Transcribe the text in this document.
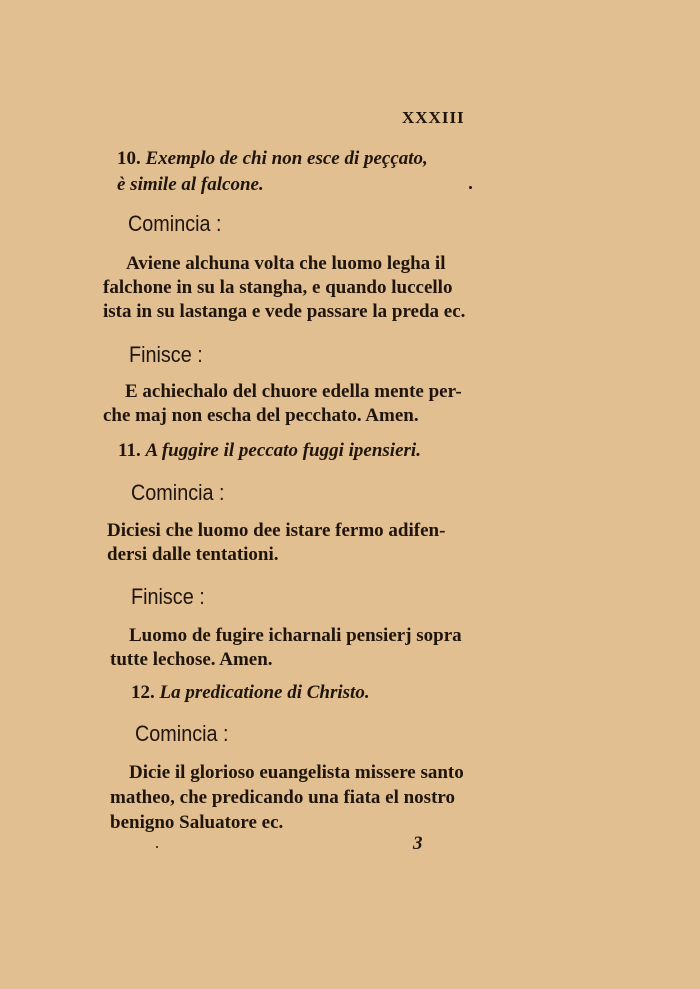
XXXIII
10. Exemplo de chi non esce di peççato,
è simile al falcone.
Comincia :
Aviene alchuna volta che luomo legha il
falchone in su la stangha, e quando luccello
ista in su lastanga e vede passare la preda ec.
Finisce :
E achiechalo del chuore edella mente per-
che maj non escha del pecchato. Amen.
11. A fuggire il peccato fuggi ipensieri.
Comincia :
Diciesi che luomo dee istare fermo adifen-
dersi dalle tentationi.
Finisce :
Luomo de fugire icharnali pensierj sopra
tutte lechose. Amen.
12. La predicatione di Christo.
Comincia :
Dicie il glorioso euangelista missere santo
matheo, che predicando una fiata el nostro
benigno Saluatore ec.
3
